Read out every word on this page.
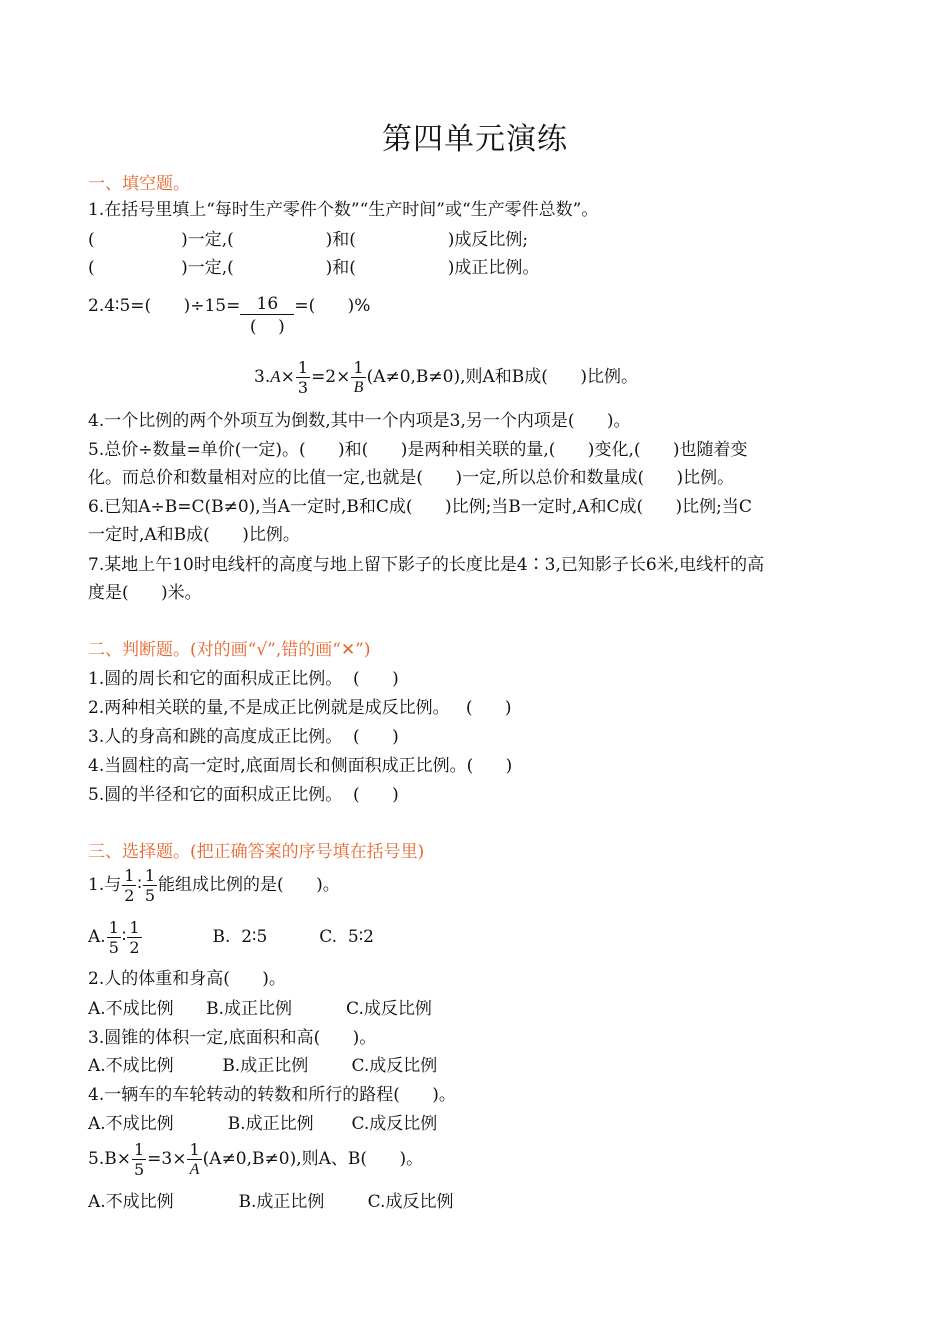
第四单元演练
一、填空题。
1.在括号里填上“每时生产零件个数”“生产时间”或“生产零件总数”。
(                )一定,(                 )和(                 )成反比例;
(                )一定,(                 )和(                 )成正比例。
2.4∶5=(      )$\div 15= \frac{16}{( )}$ =(      )%
$3.A\times \frac{1}{3} =2\times \frac{1}{B} (A\ne 0,B\ne 0)$,则A和B成(      )比例。
4.一个比例的两个外项互为倒数,其中一个内项是3,另一个内项是(      )。
5.总价÷数量=单价(一定)。(      )和(      )是两种相关联的量,(      )变化,(      )也随着变
化。而总价和数量相对应的比值一定,也就是(      )一定,所以总价和数量成(      )比例。
6.已知A÷B=C(B≠0),当A一定时,B和C成(      )比例;当B一定时,A和C成(      )比例;当C
一定时,A和B成(      )比例。
7.某地上午10时电线杆的高度与地上留下影子的长度比是4∶3,已知影子长6米,电线杆的高
度是(      )米。
二、判断题。(对的画“√”,错的画“✕”)
1.圆的周长和它的面积成正比例。  (      )
2.两种相关联的量,不是成正比例就是成反比例。   (      )
3.人的身高和跳的高度成正比例。  (      )
4.当圆柱的高一定时,底面周长和侧面积成正比例。(      )
5.圆的半径和它的面积成正比例。  (      )
三、选择题。(把正确答案的序号填在括号里)
1.与 $\frac{1}{2}$ ∶ $\frac{1}{5}$ 能组成比例的是(      )。
A. $\frac{1}{5}$ ∶ $\frac{1}{2}$	B.  2∶5	C.  5∶2
2.人的体重和身高(      )。
A.不成比例      B.成正比例          C.成反比例
3.圆锥的体积一定,底面积和高(      )。
A.不成比例         B.成正比例        C.成反比例
4.一辆车的车轮转动的转数和所行的路程(      )。
A.不成比例          B.成正比例       C.成反比例
$5.B\times \frac{1}{5} =3\times \frac{1}{A} (A\ne 0,B\ne 0)$,则A、B(      )。
A.不成比例            B.成正比例        C.成反比例
